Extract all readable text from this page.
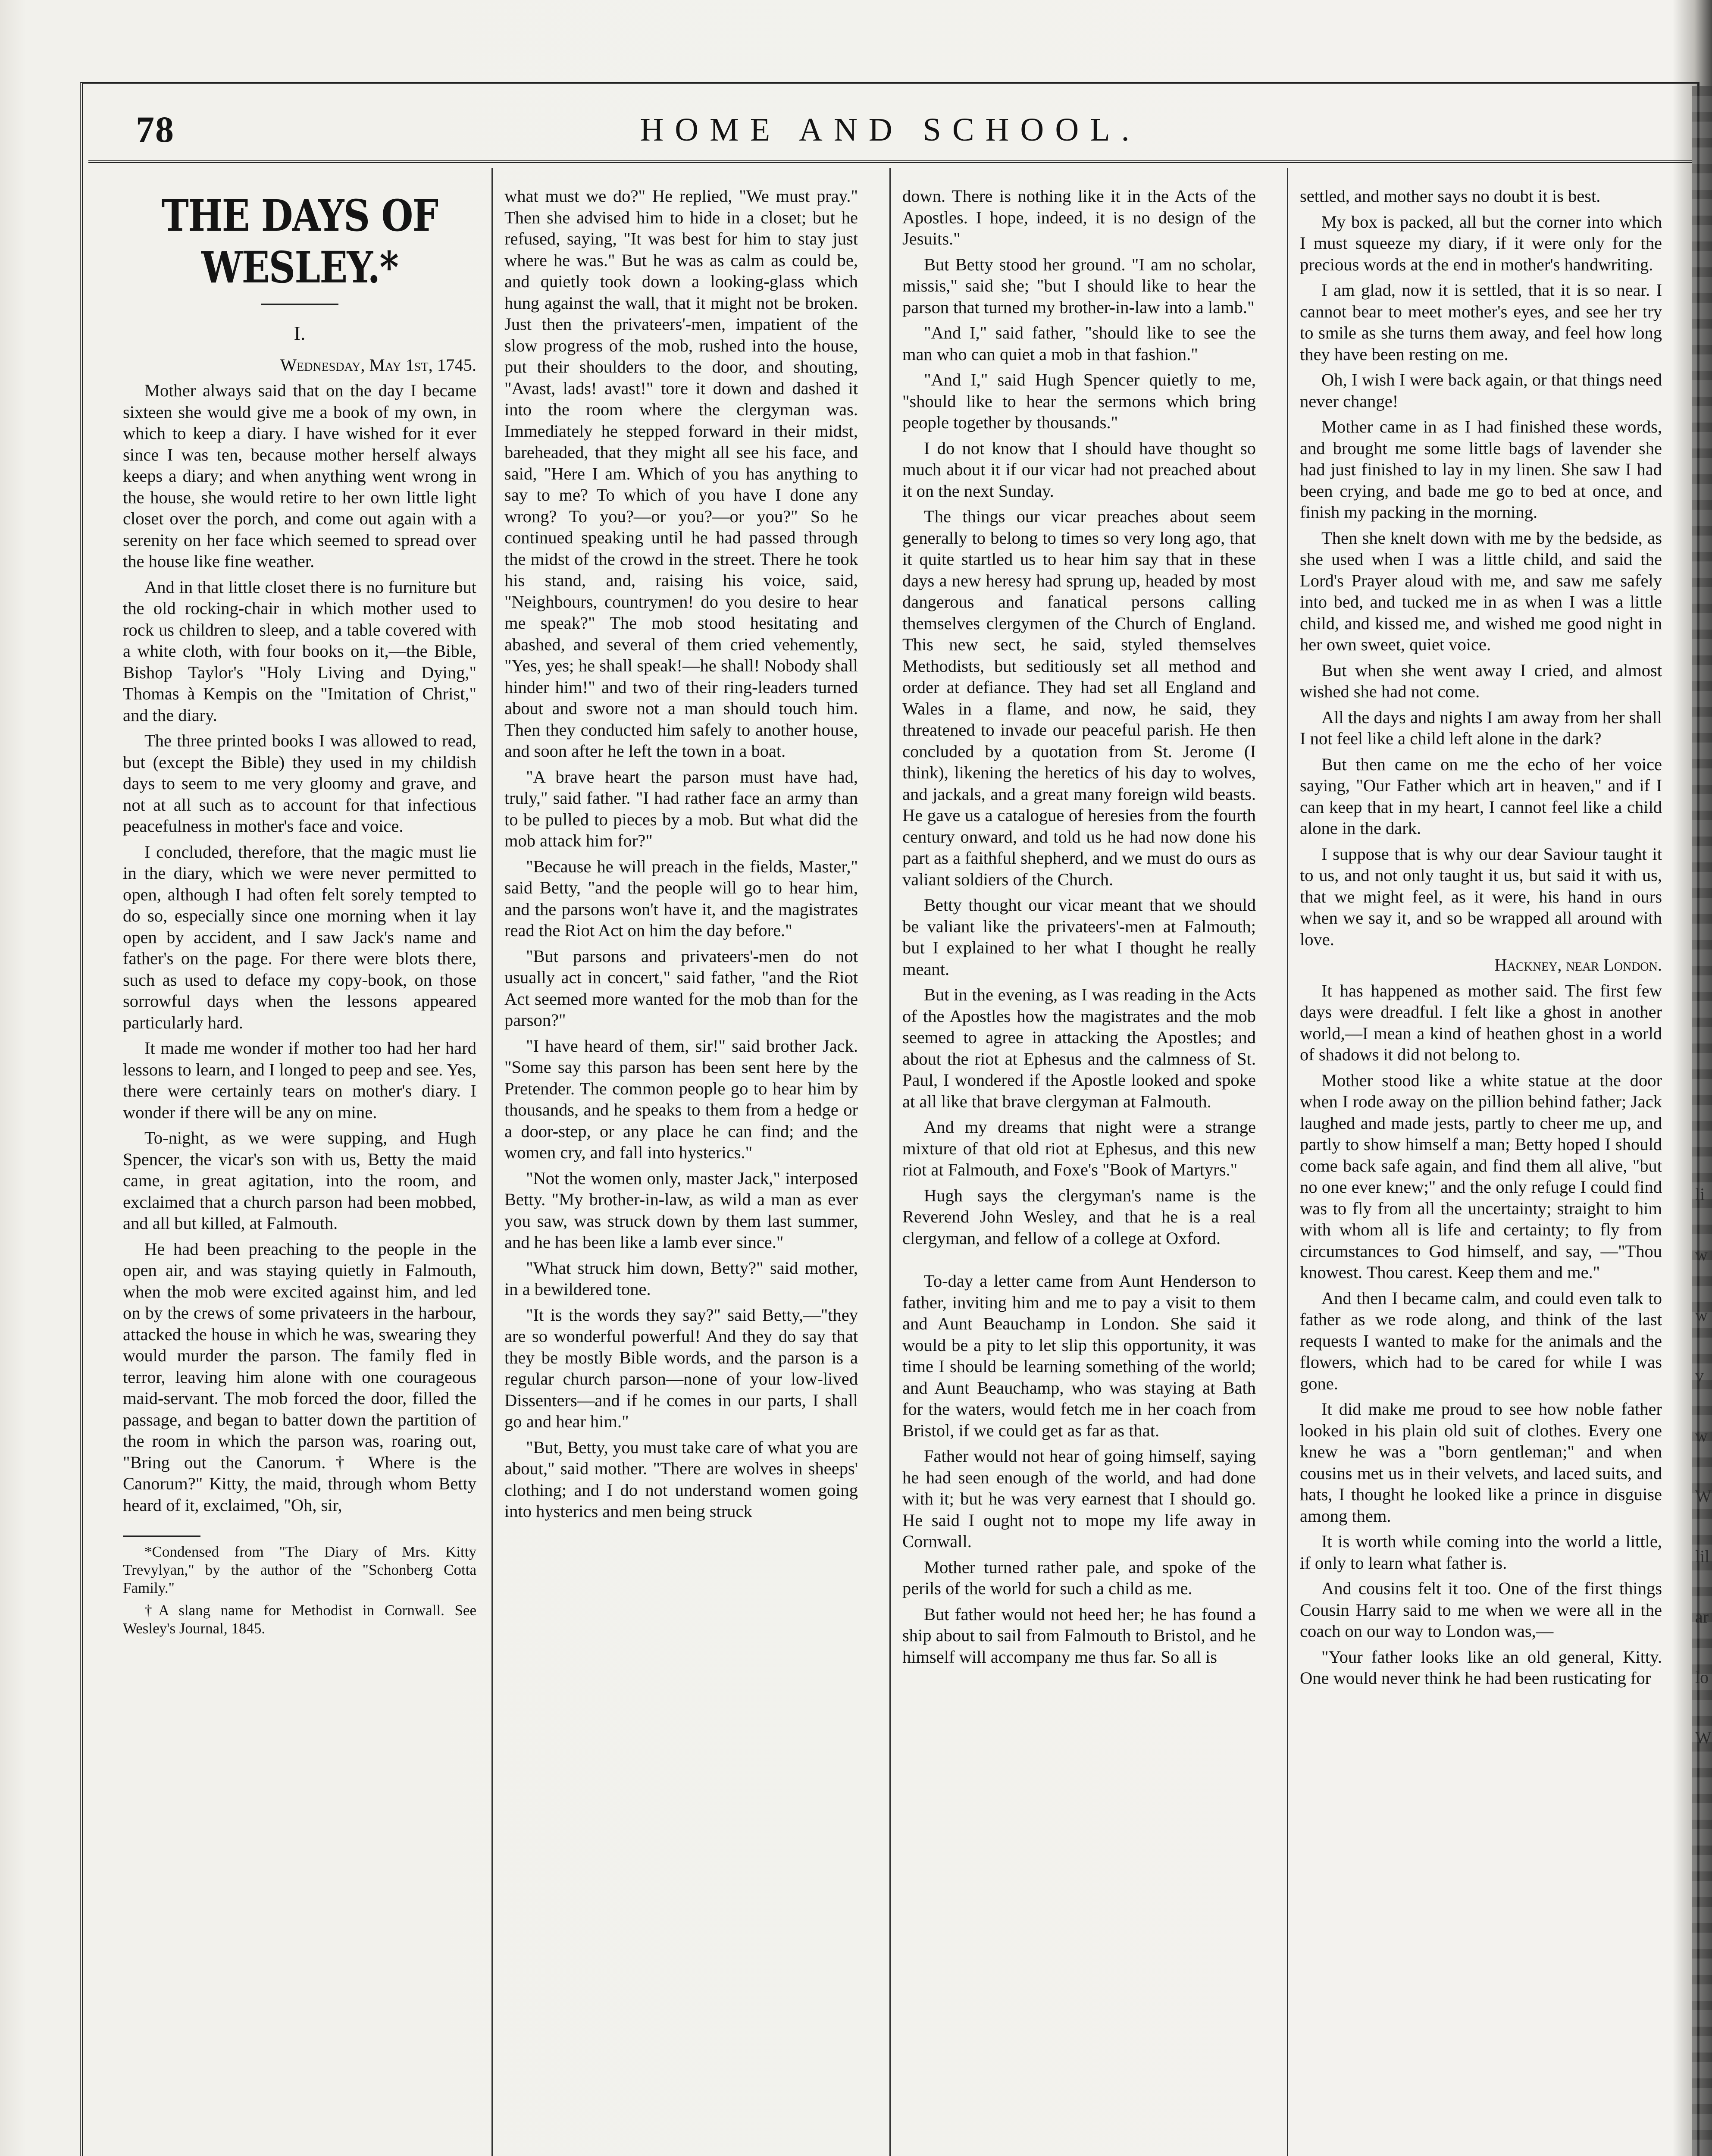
78	HOME AND SCHOOL.
THE DAYS OF WESLEY.*
I.

Wednesday, May 1st, 1745.

Mother always said that on the day I became sixteen she would give me a book of my own, in which to keep a diary. I have wished for it ever since I was ten, because mother herself always keeps a diary; and when anything went wrong in the house, she would retire to her own little light closet over the porch, and come out again with a serenity on her face which seemed to spread over the house like fine weather.

And in that little closet there is no furniture but the old rocking-chair in which mother used to rock us children to sleep, and a table covered with a white cloth, with four books on it,—the Bible, Bishop Taylor's "Holy Living and Dying," Thomas à Kempis on the "Imitation of Christ," and the diary.

The three printed books I was allowed to read, but (except the Bible) they used in my childish days to seem to me very gloomy and grave, and not at all such as to account for that infectious peacefulness in mother's face and voice.

I concluded, therefore, that the magic must lie in the diary, which we were never permitted to open, although I had often felt sorely tempted to do so, especially since one morning when it lay open by accident, and I saw Jack's name and father's on the page. For there were blots there, such as used to deface my copy-book, on those sorrowful days when the lessons appeared particularly hard.

It made me wonder if mother too had her hard lessons to learn, and I longed to peep and see. Yes, there were certainly tears on mother's diary. I wonder if there will be any on mine.

To-night, as we were supping, and Hugh Spencer, the vicar's son with us, Betty the maid came, in great agitation, into the room, and exclaimed that a church parson had been mobbed, and all but killed, at Falmouth.

He had been preaching to the people in the open air, and was staying quietly in Falmouth, when the mob were excited against him, and led on by the crews of some privateers in the harbour, attacked the house in which he was, swearing they would murder the parson. The family fled in terror, leaving him alone with one courageous maid-servant. The mob forced the door, filled the passage, and began to batter down the partition of the room in which the parson was, roaring out, "Bring out the Canorum.† Where is the Canorum?" Kitty, the maid, through whom Betty heard of it, exclaimed, "Oh, sir,

*Condensed from "The Diary of Mrs. Kitty Trevylyan," by the author of the "Schonberg Cotta Family."

†A slang name for Methodist in Cornwall. See Wesley's Journal, 1845.

what must we do?" He replied, "We must pray." Then she advised him to hide in a closet; but he refused, saying, "It was best for him to stay just where he was." But he was as calm as could be, and quietly took down a looking-glass which hung against the wall, that it might not be broken. Just then the privateers'-men, impatient of the slow progress of the mob, rushed into the house, put their shoulders to the door, and shouting, "Avast, lads! avast!" tore it down and dashed it into the room where the clergyman was. Immediately he stepped forward in their midst, bareheaded, that they might all see his face, and said, "Here I am. Which of you has anything to say to me? To which of you have I done any wrong? To you?—or you?—or you?" So he continued speaking until he had passed through the midst of the crowd in the street. There he took his stand, and, raising his voice, said, "Neighbours, countrymen! do you desire to hear me speak?" The mob stood hesitating and abashed, and several of them cried vehemently, "Yes, yes; he shall speak!—he shall! Nobody shall hinder him!" and two of their ring-leaders turned about and swore not a man should touch him. Then they conducted him safely to another house, and soon after he left the town in a boat.

"A brave heart the parson must have had, truly," said father. "I had rather face an army than to be pulled to pieces by a mob. But what did the mob attack him for?"

"Because he will preach in the fields, Master," said Betty, "and the people will go to hear him, and the parsons won't have it, and the magistrates read the Riot Act on him the day before."

"But parsons and privateers'-men do not usually act in concert," said father, "and the Riot Act seemed more wanted for the mob than for the parson?"

"I have heard of them, sir!" said brother Jack. "Some say this parson has been sent here by the Pretender. The common people go to hear him by thousands, and he speaks to them from a hedge or a door-step, or any place he can find; and the women cry, and fall into hysterics."

"Not the women only, master Jack," interposed Betty. "My brother-in-law, as wild a man as ever you saw, was struck down by them last summer, and he has been like a lamb ever since."

"What struck him down, Betty?" said mother, in a bewildered tone.

"It is the words they say?" said Betty,—"they are so wonderful powerful! And they do say that they be mostly Bible words, and the parson is a regular church parson—none of your low-lived Dissenters—and if he comes in our parts, I shall go and hear him."

"But, Betty, you must take care of what you are about," said mother. "There are wolves in sheeps' clothing; and I do not understand women going into hysterics and men being struck

down. There is nothing like it in the Acts of the Apostles. I hope, indeed, it is no design of the Jesuits."

But Betty stood her ground. "I am no scholar, missis," said she; "but I should like to hear the parson that turned my brother-in-law into a lamb."

"And I," said father, "should like to see the man who can quiet a mob in that fashion."

"And I," said Hugh Spencer quietly to me, "should like to hear the sermons which bring people together by thousands."

I do not know that I should have thought so much about it if our vicar had not preached about it on the next Sunday.

The things our vicar preaches about seem generally to belong to times so very long ago, that it quite startled us to hear him say that in these days a new heresy had sprung up, headed by most dangerous and fanatical persons calling themselves clergymen of the Church of England. This new sect, he said, styled themselves Methodists, but seditiously set all method and order at defiance. They had set all England and Wales in a flame, and now, he said, they threatened to invade our peaceful parish. He then concluded by a quotation from St. Jerome (I think), likening the heretics of his day to wolves, and jackals, and a great many foreign wild beasts. He gave us a catalogue of heresies from the fourth century onward, and told us he had now done his part as a faithful shepherd, and we must do ours as valiant soldiers of the Church.

Betty thought our vicar meant that we should be valiant like the privateers'-men at Falmouth; but I explained to her what I thought he really meant.

But in the evening, as I was reading in the Acts of the Apostles how the magistrates and the mob seemed to agree in attacking the Apostles; and about the riot at Ephesus and the calmness of St. Paul, I wondered if the Apostle looked and spoke at all like that brave clergyman at Falmouth.

And my dreams that night were a strange mixture of that old riot at Ephesus, and this new riot at Falmouth, and Foxe's "Book of Martyrs."

Hugh says the clergyman's name is the Reverend John Wesley, and that he is a real clergyman, and fellow of a college at Oxford.

To-day a letter came from Aunt Henderson to father, inviting him and me to pay a visit to them and Aunt Beauchamp in London. She said it would be a pity to let slip this opportunity, it was time I should be learning something of the world; and Aunt Beauchamp, who was staying at Bath for the waters, would fetch me in her coach from Bristol, if we could get as far as that.

Father would not hear of going himself, saying he had seen enough of the world, and had done with it; but he was very earnest that I should go. He said I ought not to mope my life away in Cornwall.

Mother turned rather pale, and spoke of the perils of the world for such a child as me.

But father would not heed her; he has found a ship about to sail from Falmouth to Bristol, and he himself will accompany me thus far. So all is

settled, and mother says no doubt it is best.

My box is packed, all but the corner into which I must squeeze my diary, if it were only for the precious words at the end in mother's handwriting.

I am glad, now it is settled, that it is so near. I cannot bear to meet mother's eyes, and see her try to smile as she turns them away, and feel how long they have been resting on me.

Oh, I wish I were back again, or that things need never change!

Mother came in as I had finished these words, and brought me some little bags of lavender she had just finished to lay in my linen. She saw I had been crying, and bade me go to bed at once, and finish my packing in the morning.

Then she knelt down with me by the bedside, as she used when I was a little child, and said the Lord's Prayer aloud with me, and saw me safely into bed, and tucked me in as when I was a little child, and kissed me, and wished me good night in her own sweet, quiet voice.

But when she went away I cried, and almost wished she had not come.

All the days and nights I am away from her shall I not feel like a child left alone in the dark?

But then came on me the echo of her voice saying, "Our Father which art in heaven," and if I can keep that in my heart, I cannot feel like a child alone in the dark.

I suppose that is why our dear Saviour taught it to us, and not only taught it us, but said it with us, that we might feel, as it were, his hand in ours when we say it, and so be wrapped all around with love.

Hackney, near London.

It has happened as mother said. The first few days were dreadful. I felt like a ghost in another world,—I mean a kind of heathen ghost in a world of shadows it did not belong to.

Mother stood like a white statue at the door when I rode away on the pillion behind father; Jack laughed and made jests, partly to cheer me up, and partly to show himself a man; Betty hoped I should come back safe again, and find them all alive, "but no one ever knew;" and the only refuge I could find was to fly from all the uncertainty; straight to him with whom all is life and certainty; to fly from circumstances to God himself, and say, —"Thou knowest. Thou carest. Keep them and me."

And then I became calm, and could even talk to father as we rode along, and think of the last requests I wanted to make for the animals and the flowers, which had to be cared for while I was gone.

It did make me proud to see how noble father looked in his plain old suit of clothes. Every one knew he was a "born gentleman;" and when cousins met us in their velvets, and laced suits, and hats, I thought he looked like a prince in disguise among them.

It is worth while coming into the world a little, if only to learn what father is.

And cousins felt it too. One of the first things Cousin Harry said to me when we were all in the coach on our way to London was,—

"Your father looks like an old general, Kitty. One would never think he had been rusticating for

li
w
w
v
w
W
lil
ar
lo
W
